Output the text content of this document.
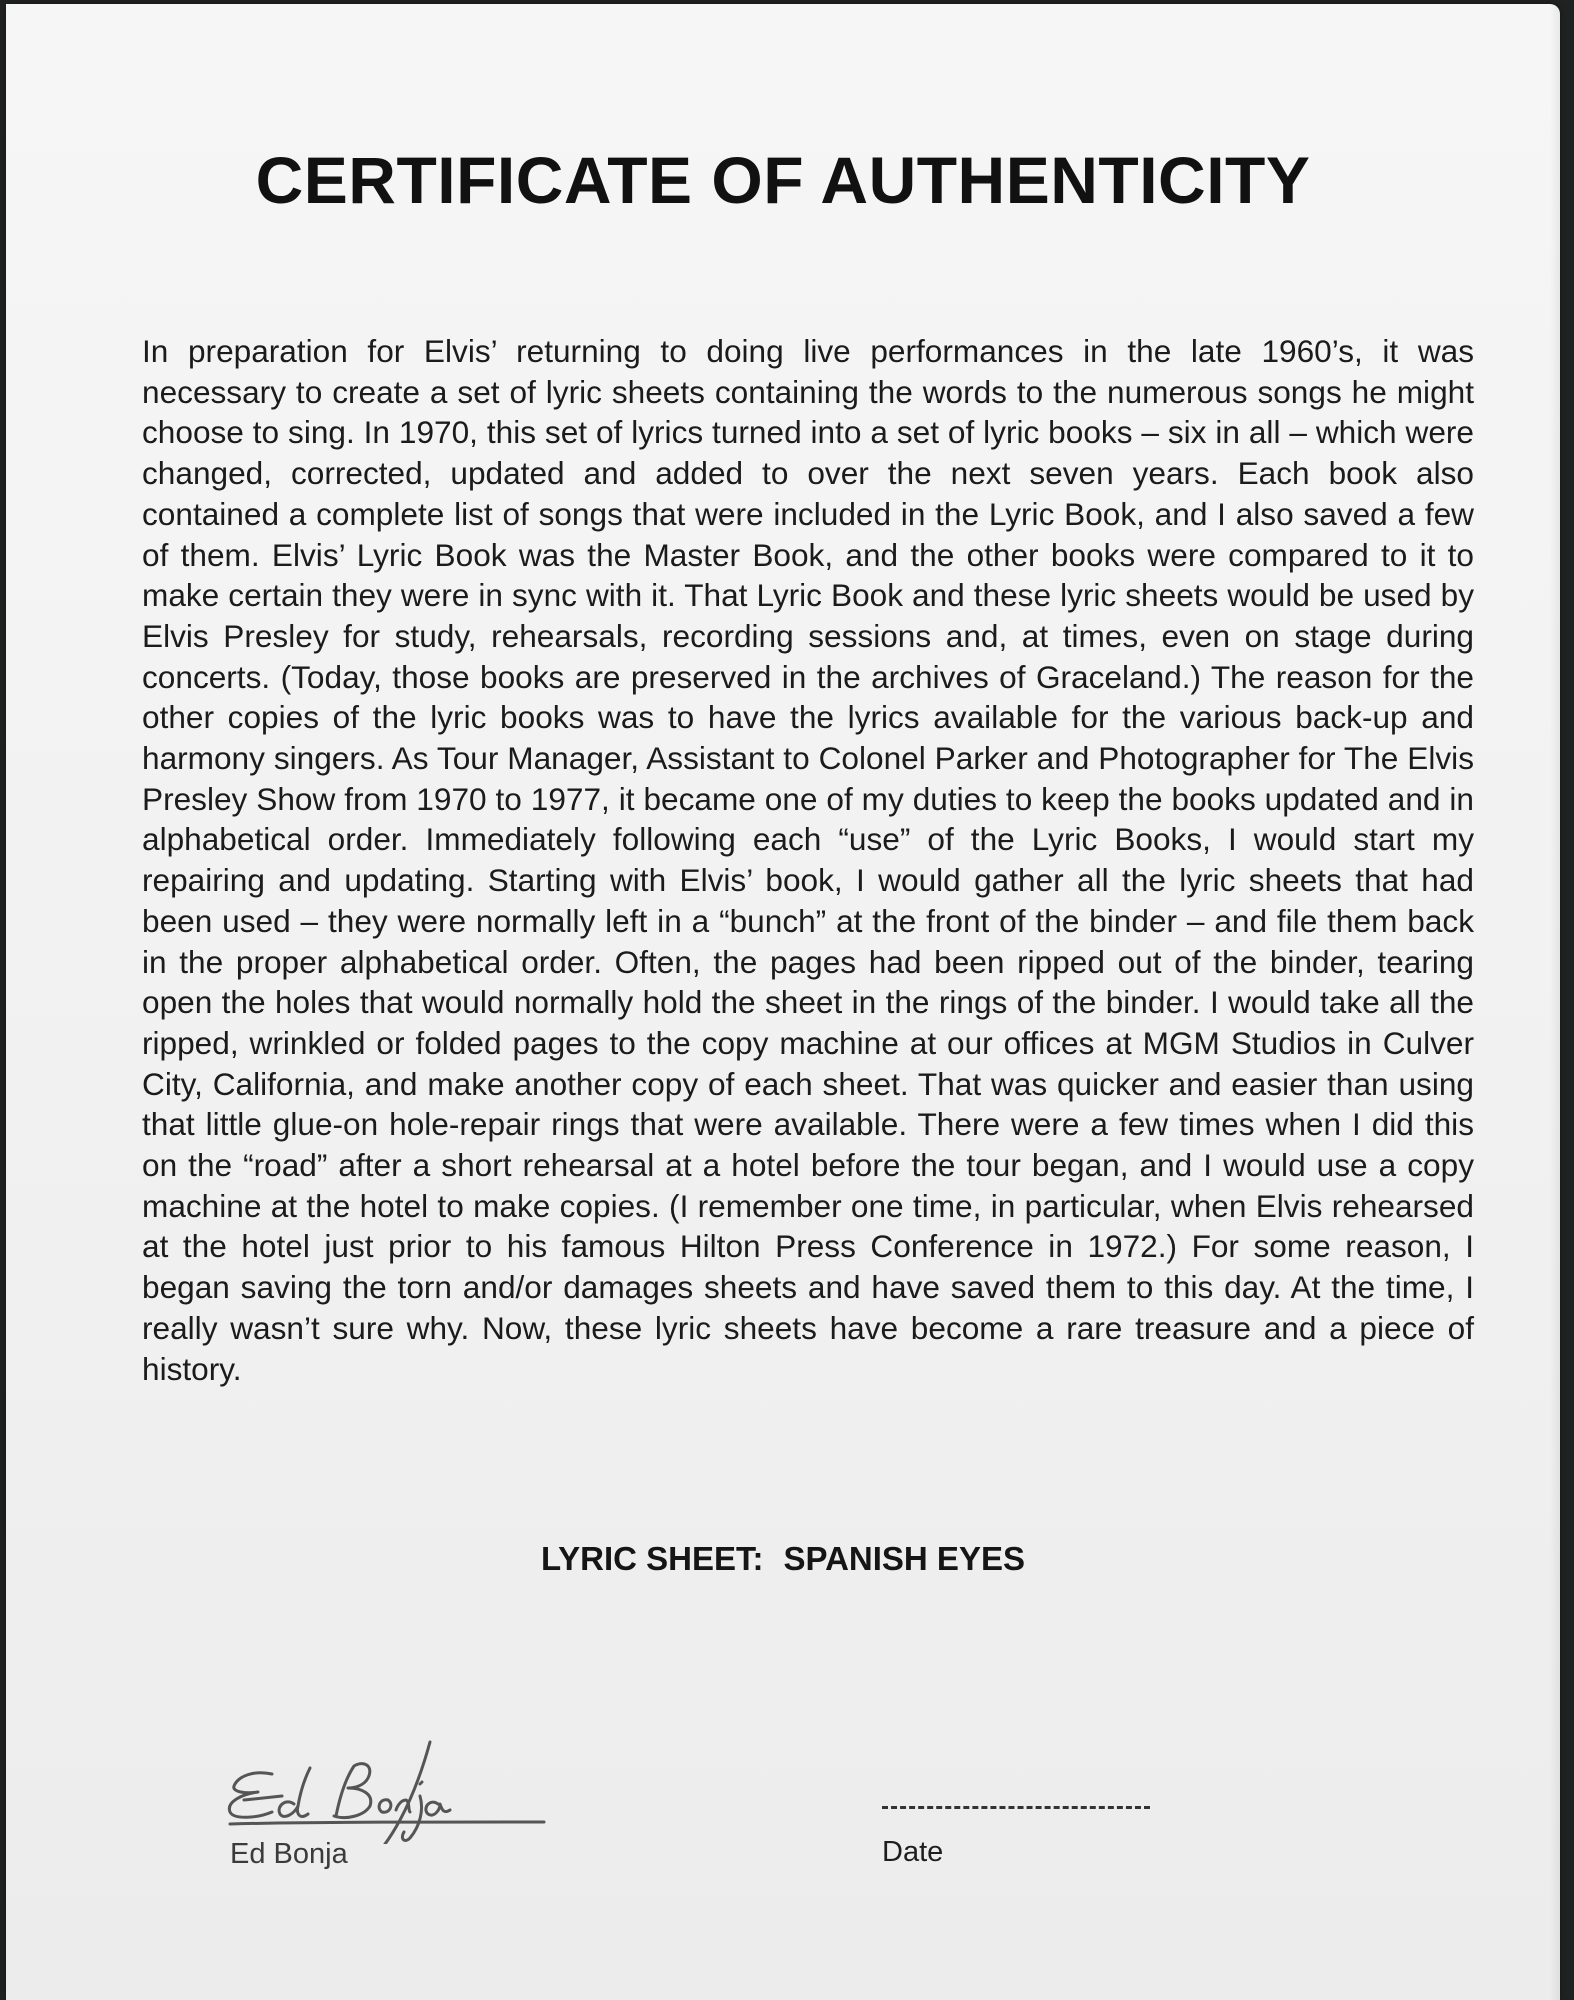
CERTIFICATE OF AUTHENTICITY

In preparation for Elvis’ returning to doing live performances in the late 1960’s, it was necessary to create a set of lyric sheets containing the words to the numerous songs he might choose to sing. In 1970, this set of lyrics turned into a set of lyric books – six in all – which were changed, corrected, updated and added to over the next seven years. Each book also contained a complete list of songs that were included in the Lyric Book, and I also saved a few of them. Elvis’ Lyric Book was the Master Book, and the other books were compared to it to make certain they were in sync with it. That Lyric Book and these lyric sheets would be used by Elvis Presley for study, rehearsals, recording sessions and, at times, even on stage during concerts. (Today, those books are preserved in the archives of Graceland.) The reason for the other copies of the lyric books was to have the lyrics available for the various back-up and harmony singers. As Tour Manager, Assistant to Colonel Parker and Photographer for The Elvis Presley Show from 1970 to 1977, it became one of my duties to keep the books updated and in alphabetical order. Immediately following each “use” of the Lyric Books, I would start my repairing and updating. Starting with Elvis’ book, I would gather all the lyric sheets that had been used – they were normally left in a “bunch” at the front of the binder – and file them back in the proper alphabetical order. Often, the pages had been ripped out of the binder, tearing open the holes that would normally hold the sheet in the rings of the binder. I would take all the ripped, wrinkled or folded pages to the copy machine at our offices at MGM Studios in Culver City, California, and make another copy of each sheet. That was quicker and easier than using that little glue-on hole-repair rings that were available. There were a few times when I did this on the “road” after a short rehearsal at a hotel before the tour began, and I would use a copy machine at the hotel to make copies. (I remember one time, in particular, when Elvis rehearsed at the hotel just prior to his famous Hilton Press Conference in 1972.) For some reason, I began saving the torn and/or damages sheets and have saved them to this day. At the time, I really wasn’t sure why. Now, these lyric sheets have become a rare treasure and a piece of history.

LYRIC SHEET: SPANISH EYES
Ed Bonja	Date
